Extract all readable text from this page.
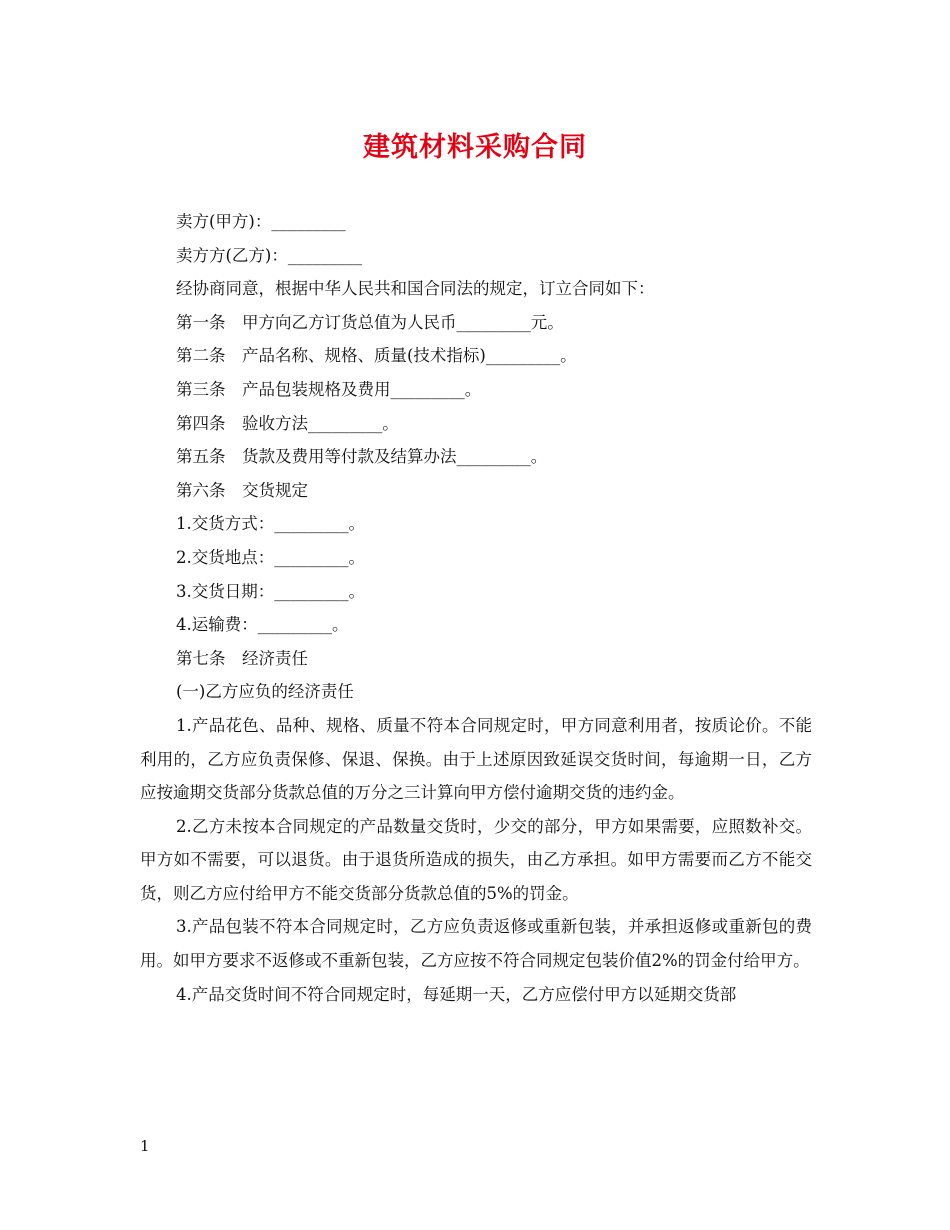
建筑材料采购合同
卖方(甲方)：_________
卖方方(乙方)：_________
经协商同意，根据中华人民共和国合同法的规定，订立合同如下：
第一条　甲方向乙方订货总值为人民币_________元。
第二条　产品名称、规格、质量(技术指标)_________。
第三条　产品包装规格及费用_________。
第四条　验收方法_________。
第五条　货款及费用等付款及结算办法_________。
第六条　交货规定
1.交货方式：_________。
2.交货地点：_________。
3.交货日期：_________。
4.运输费：_________。
第七条　经济责任
(一)乙方应负的经济责任

1.产品花色、品种、规格、质量不符本合同规定时，甲方同意利用者，按质论价。不能利用的，乙方应负责保修、保退、保换。由于上述原因致延误交货时间，每逾期一日，乙方应按逾期交货部分货款总值的万分之三计算向甲方偿付逾期交货的违约金。

2.乙方未按本合同规定的产品数量交货时，少交的部分，甲方如果需要，应照数补交。甲方如不需要，可以退货。由于退货所造成的损失，由乙方承担。如甲方需要而乙方不能交货，则乙方应付给甲方不能交货部分货款总值的5%的罚金。

3.产品包装不符本合同规定时，乙方应负责返修或重新包装，并承担返修或重新包的费用。如甲方要求不返修或不重新包装，乙方应按不符合同规定包装价值2%的罚金付给甲方。

4.产品交货时间不符合同规定时，每延期一天，乙方应偿付甲方以延期交货部

1
